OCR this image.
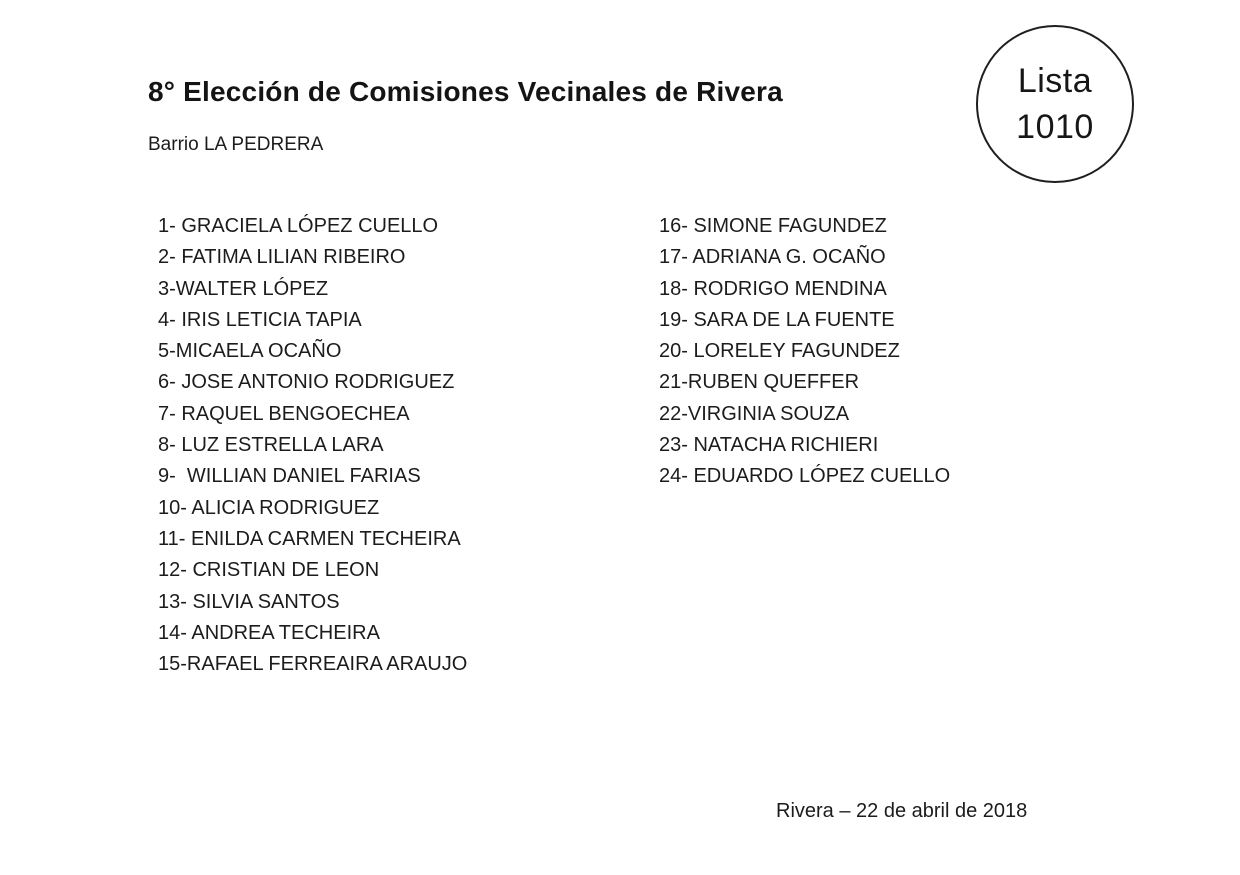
8° Elección de Comisiones Vecinales de Rivera
Barrio LA PEDRERA
Lista
1010
1- GRACIELA LÓPEZ CUELLO
2- FATIMA LILIAN RIBEIRO
3-WALTER LÓPEZ
4- IRIS LETICIA TAPIA
5-MICAELA OCAÑO
6- JOSE ANTONIO RODRIGUEZ
7- RAQUEL BENGOECHEA
8- LUZ ESTRELLA LARA
9-  WILLIAN DANIEL FARIAS
10- ALICIA RODRIGUEZ
11- ENILDA CARMEN TECHEIRA
12- CRISTIAN DE LEON
13- SILVIA SANTOS
14- ANDREA TECHEIRA
15-RAFAEL FERREAIRA ARAUJO
16- SIMONE FAGUNDEZ
17- ADRIANA G. OCAÑO
18- RODRIGO MENDINA
19- SARA DE LA FUENTE
20- LORELEY FAGUNDEZ
21-RUBEN QUEFFER
22-VIRGINIA SOUZA
23- NATACHA RICHIERI
24- EDUARDO LÓPEZ CUELLO
Rivera – 22 de abril de 2018
